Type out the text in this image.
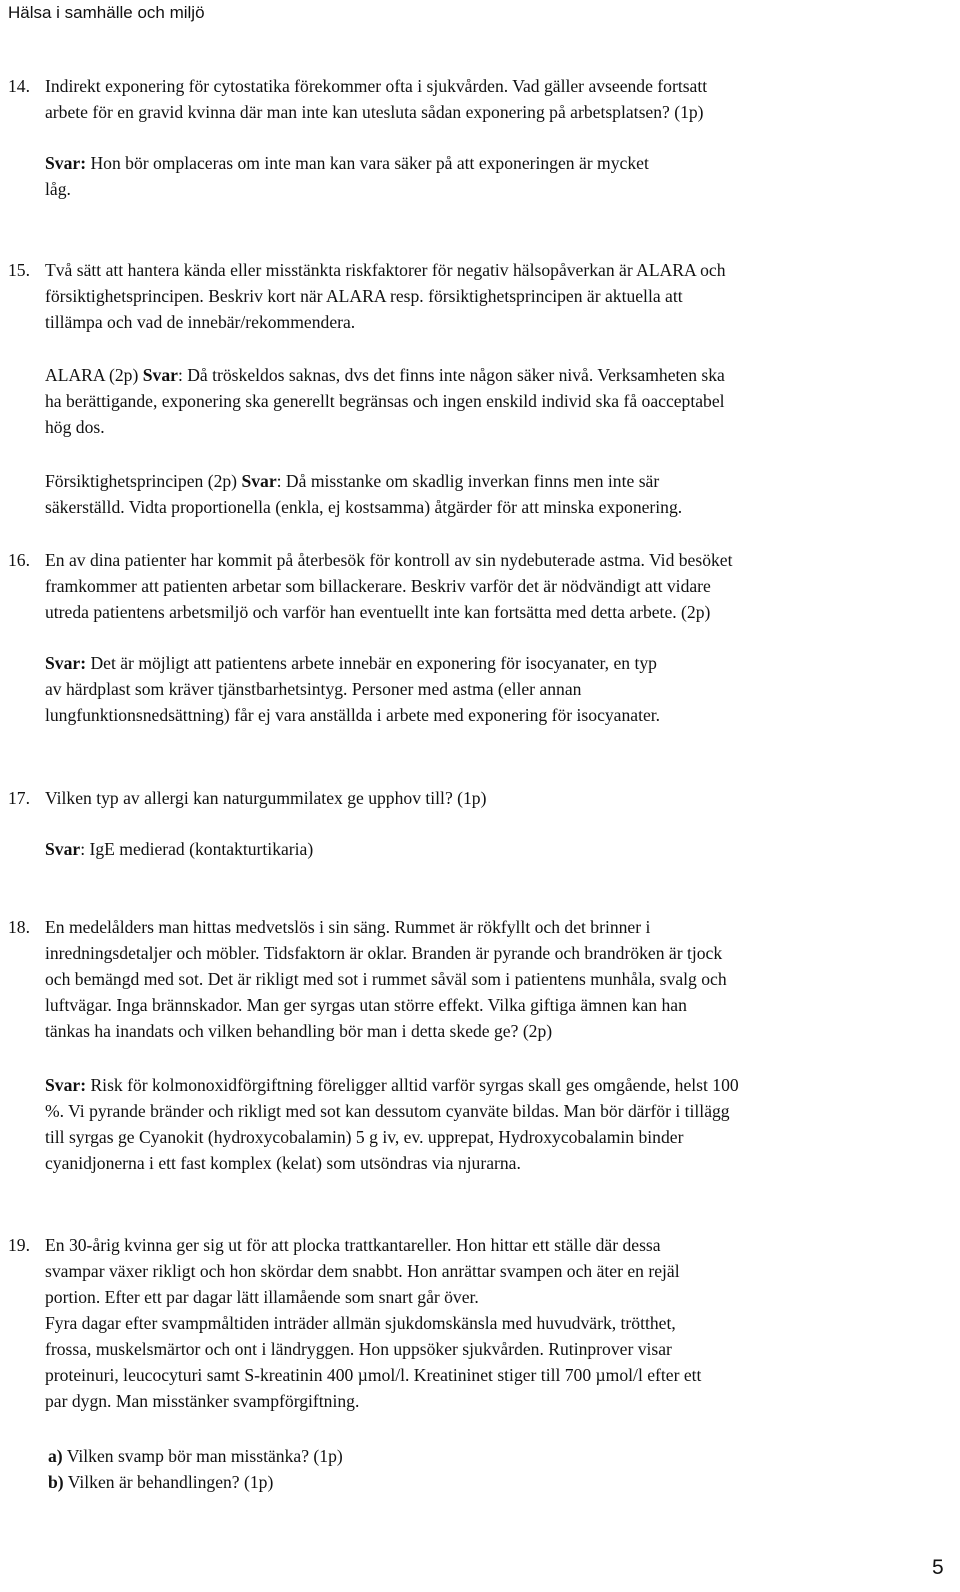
Hälsa i samhälle och miljö
14. Indirekt exponering för cytostatika förekommer ofta i sjukvården. Vad gäller avseende fortsatt
arbete för en gravid kvinna där man inte kan utesluta sådan exponering på arbetsplatsen? (1p)
Svar: Hon bör omplaceras om inte man kan vara säker på att exponeringen är mycket
låg.
15. Två sätt att hantera kända eller misstänkta riskfaktorer för negativ hälsopåverkan är ALARA och
försiktighetsprincipen. Beskriv kort när ALARA resp. försiktighetsprincipen är aktuella att
tillämpa och vad de innebär/rekommendera.
ALARA (2p) Svar: Då tröskeldos saknas, dvs det finns inte någon säker nivå. Verksamheten ska
ha berättigande, exponering ska generellt begränsas och ingen enskild individ ska få oacceptabel
hög dos.
Försiktighetsprincipen (2p) Svar: Då misstanke om skadlig inverkan finns men inte sär
säkerställd. Vidta proportionella (enkla, ej kostsamma) åtgärder för att minska exponering.
16. En av dina patienter har kommit på återbesök för kontroll av sin nydebuterade astma. Vid besöket
framkommer att patienten arbetar som billackerare. Beskriv varför det är nödvändigt att vidare
utreda patientens arbetsmiljö och varför han eventuellt inte kan fortsätta med detta arbete. (2p)
Svar: Det är möjligt att patientens arbete innebär en exponering för isocyanater, en typ
av härdplast som kräver tjänstbarhetsintyg. Personer med astma (eller annan
lungfunktionsnedsättning) får ej vara anställda i arbete med exponering för isocyanater.
17. Vilken typ av allergi kan naturgummilatex ge upphov till? (1p)
Svar: IgE medierad (kontakturtikaria)
18. En medelålders man hittas medvetslös i sin säng. Rummet är rökfyllt och det brinner i
inredningsdetaljer och möbler. Tidsfaktorn är oklar. Branden är pyrande och brandröken är tjock
och bemängd med sot. Det är rikligt med sot i rummet såväl som i patientens munhåla, svalg och
luftvägar. Inga brännskador. Man ger syrgas utan större effekt. Vilka giftiga ämnen kan han
tänkas ha inandats och vilken behandling bör man i detta skede ge? (2p)
Svar: Risk för kolmonoxidförgiftning föreligger alltid varför syrgas skall ges omgående, helst 100
%. Vi pyrande bränder och rikligt med sot kan dessutom cyanväte bildas. Man bör därför i tillägg
till syrgas ge Cyanokit (hydroxycobalamin) 5 g iv, ev. upprepat, Hydroxycobalamin binder
cyanidjonerna i ett fast komplex (kelat) som utsöndras via njurarna.
19. En 30-årig kvinna ger sig ut för att plocka trattkantareller. Hon hittar ett ställe där dessa
svampar växer rikligt och hon skördar dem snabbt. Hon anrättar svampen och äter en rejäl
portion. Efter ett par dagar lätt illamående som snart går över.
Fyra dagar efter svampmåltiden inträder allmän sjukdomskänsla med huvudvärk, trötthet,
frossa, muskelsmärtor och ont i ländryggen. Hon uppsöker sjukvården. Rutinprover visar
proteinuri, leucocyturi samt S-kreatinin 400 µmol/l. Kreatininet stiger till 700 µmol/l efter ett
par dygn. Man misstänker svampförgiftning.
a) Vilken svamp bör man misstänka? (1p)
b) Vilken är behandlingen? (1p)
5
